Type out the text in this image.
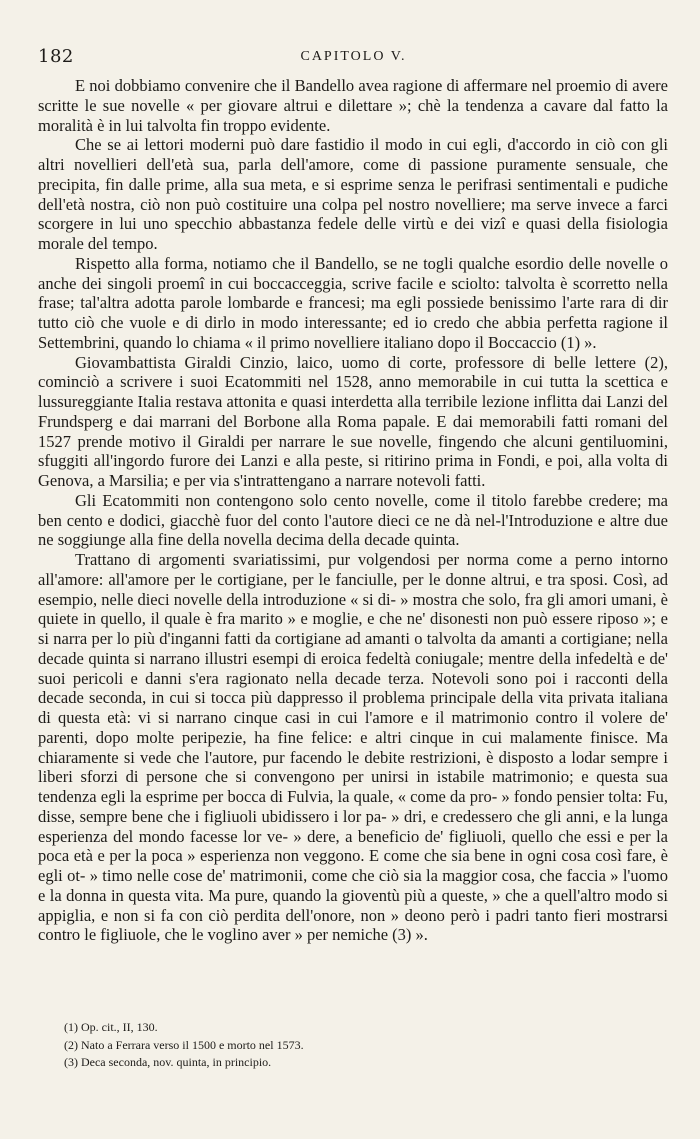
182	CAPITOLO V.

E noi dobbiamo convenire che il Bandello avea ragione di affermare nel proemio di avere scritte le sue novelle « per giovare altrui e dilettare »; chè la tendenza a cavare dal fatto la moralità è in lui talvolta fin troppo evidente.

Che se ai lettori moderni può dare fastidio il modo in cui egli, d'accordo in ciò con gli altri novellieri dell'età sua, parla dell'amore, come di passione puramente sensuale, che precipita, fin dalle prime, alla sua meta, e si esprime senza le perifrasi sentimentali e pudiche dell'età nostra, ciò non può costituire una colpa pel nostro novelliere; ma serve invece a farci scorgere in lui uno specchio abbastanza fedele delle virtù e dei vizî e quasi della fisiologia morale del tempo.

Rispetto alla forma, notiamo che il Bandello, se ne togli qualche esordio delle novelle o anche dei singoli proemî in cui boccacceggia, scrive facile e sciolto: talvolta è scorretto nella frase; tal'altra adotta parole lombarde e francesi; ma egli possiede benissimo l'arte rara di dir tutto ciò che vuole e di dirlo in modo interessante; ed io credo che abbia perfetta ragione il Settembrini, quando lo chiama « il primo novelliere italiano dopo il Boccaccio (1) ».

Giovambattista Giraldi Cinzio, laico, uomo di corte, professore di belle lettere (2), cominciò a scrivere i suoi Ecatommiti nel 1528, anno memorabile in cui tutta la scettica e lussureggiante Italia restava attonita e quasi interdetta alla terribile lezione inflitta dai Lanzi del Frundsperg e dai marrani del Borbone alla Roma papale. E dai memorabili fatti romani del 1527 prende motivo il Giraldi per narrare le sue novelle, fingendo che alcuni gentiluomini, sfuggiti all'ingordo furore dei Lanzi e alla peste, si ritirino prima in Fondi, e poi, alla volta di Genova, a Marsilia; e per via s'intrattengano a narrare notevoli fatti.

Gli Ecatommiti non contengono solo cento novelle, come il titolo farebbe credere; ma ben cento e dodici, giacchè fuor del conto l'autore dieci ce ne dà nel-l'Introduzione e altre due ne soggiunge alla fine della novella decima della decade quinta.

Trattano di argomenti svariatissimi, pur volgendosi per norma come a perno intorno all'amore: all'amore per le cortigiane, per le fanciulle, per le donne altrui, e tra sposi. Così, ad esempio, nelle dieci novelle della introduzione « si di- » mostra che solo, fra gli amori umani, è quiete in quello, il quale è fra marito » e moglie, e che ne' disonesti non può essere riposo »; e si narra per lo più d'inganni fatti da cortigiane ad amanti o talvolta da amanti a cortigiane; nella decade quinta si narrano illustri esempi di eroica fedeltà coniugale; mentre della infedeltà e de' suoi pericoli e danni s'era ragionato nella decade terza. Notevoli sono poi i racconti della decade seconda, in cui si tocca più dappresso il problema principale della vita privata italiana di questa età: vi si narrano cinque casi in cui l'amore e il matrimonio contro il volere de' parenti, dopo molte peripezie, ha fine felice: e altri cinque in cui malamente finisce. Ma chiaramente si vede che l'autore, pur facendo le debite restrizioni, è disposto a lodar sempre i liberi sforzi di persone che si convengono per unirsi in istabile matrimonio; e questa sua tendenza egli la esprime per bocca di Fulvia, la quale, « come da pro- » fondo pensier tolta: Fu, disse, sempre bene che i figliuoli ubidissero i lor pa- » dri, e credessero che gli anni, e la lunga esperienza del mondo facesse lor ve- » dere, a beneficio de' figliuoli, quello che essi e per la poca età e per la poca » esperienza non veggono. E come che sia bene in ogni cosa così fare, è egli ot- » timo nelle cose de' matrimonii, come che ciò sia la maggior cosa, che faccia » l'uomo e la donna in questa vita. Ma pure, quando la gioventù più a queste, » che a quell'altro modo si appiglia, e non si fa con ciò perdita dell'onore, non » deono però i padri tanto fieri mostrarsi contro le figliuole, che le voglino aver » per nemiche (3) ».

(1) Op. cit., II, 130.

(2) Nato a Ferrara verso il 1500 e morto nel 1573.

(3) Deca seconda, nov. quinta, in principio.
